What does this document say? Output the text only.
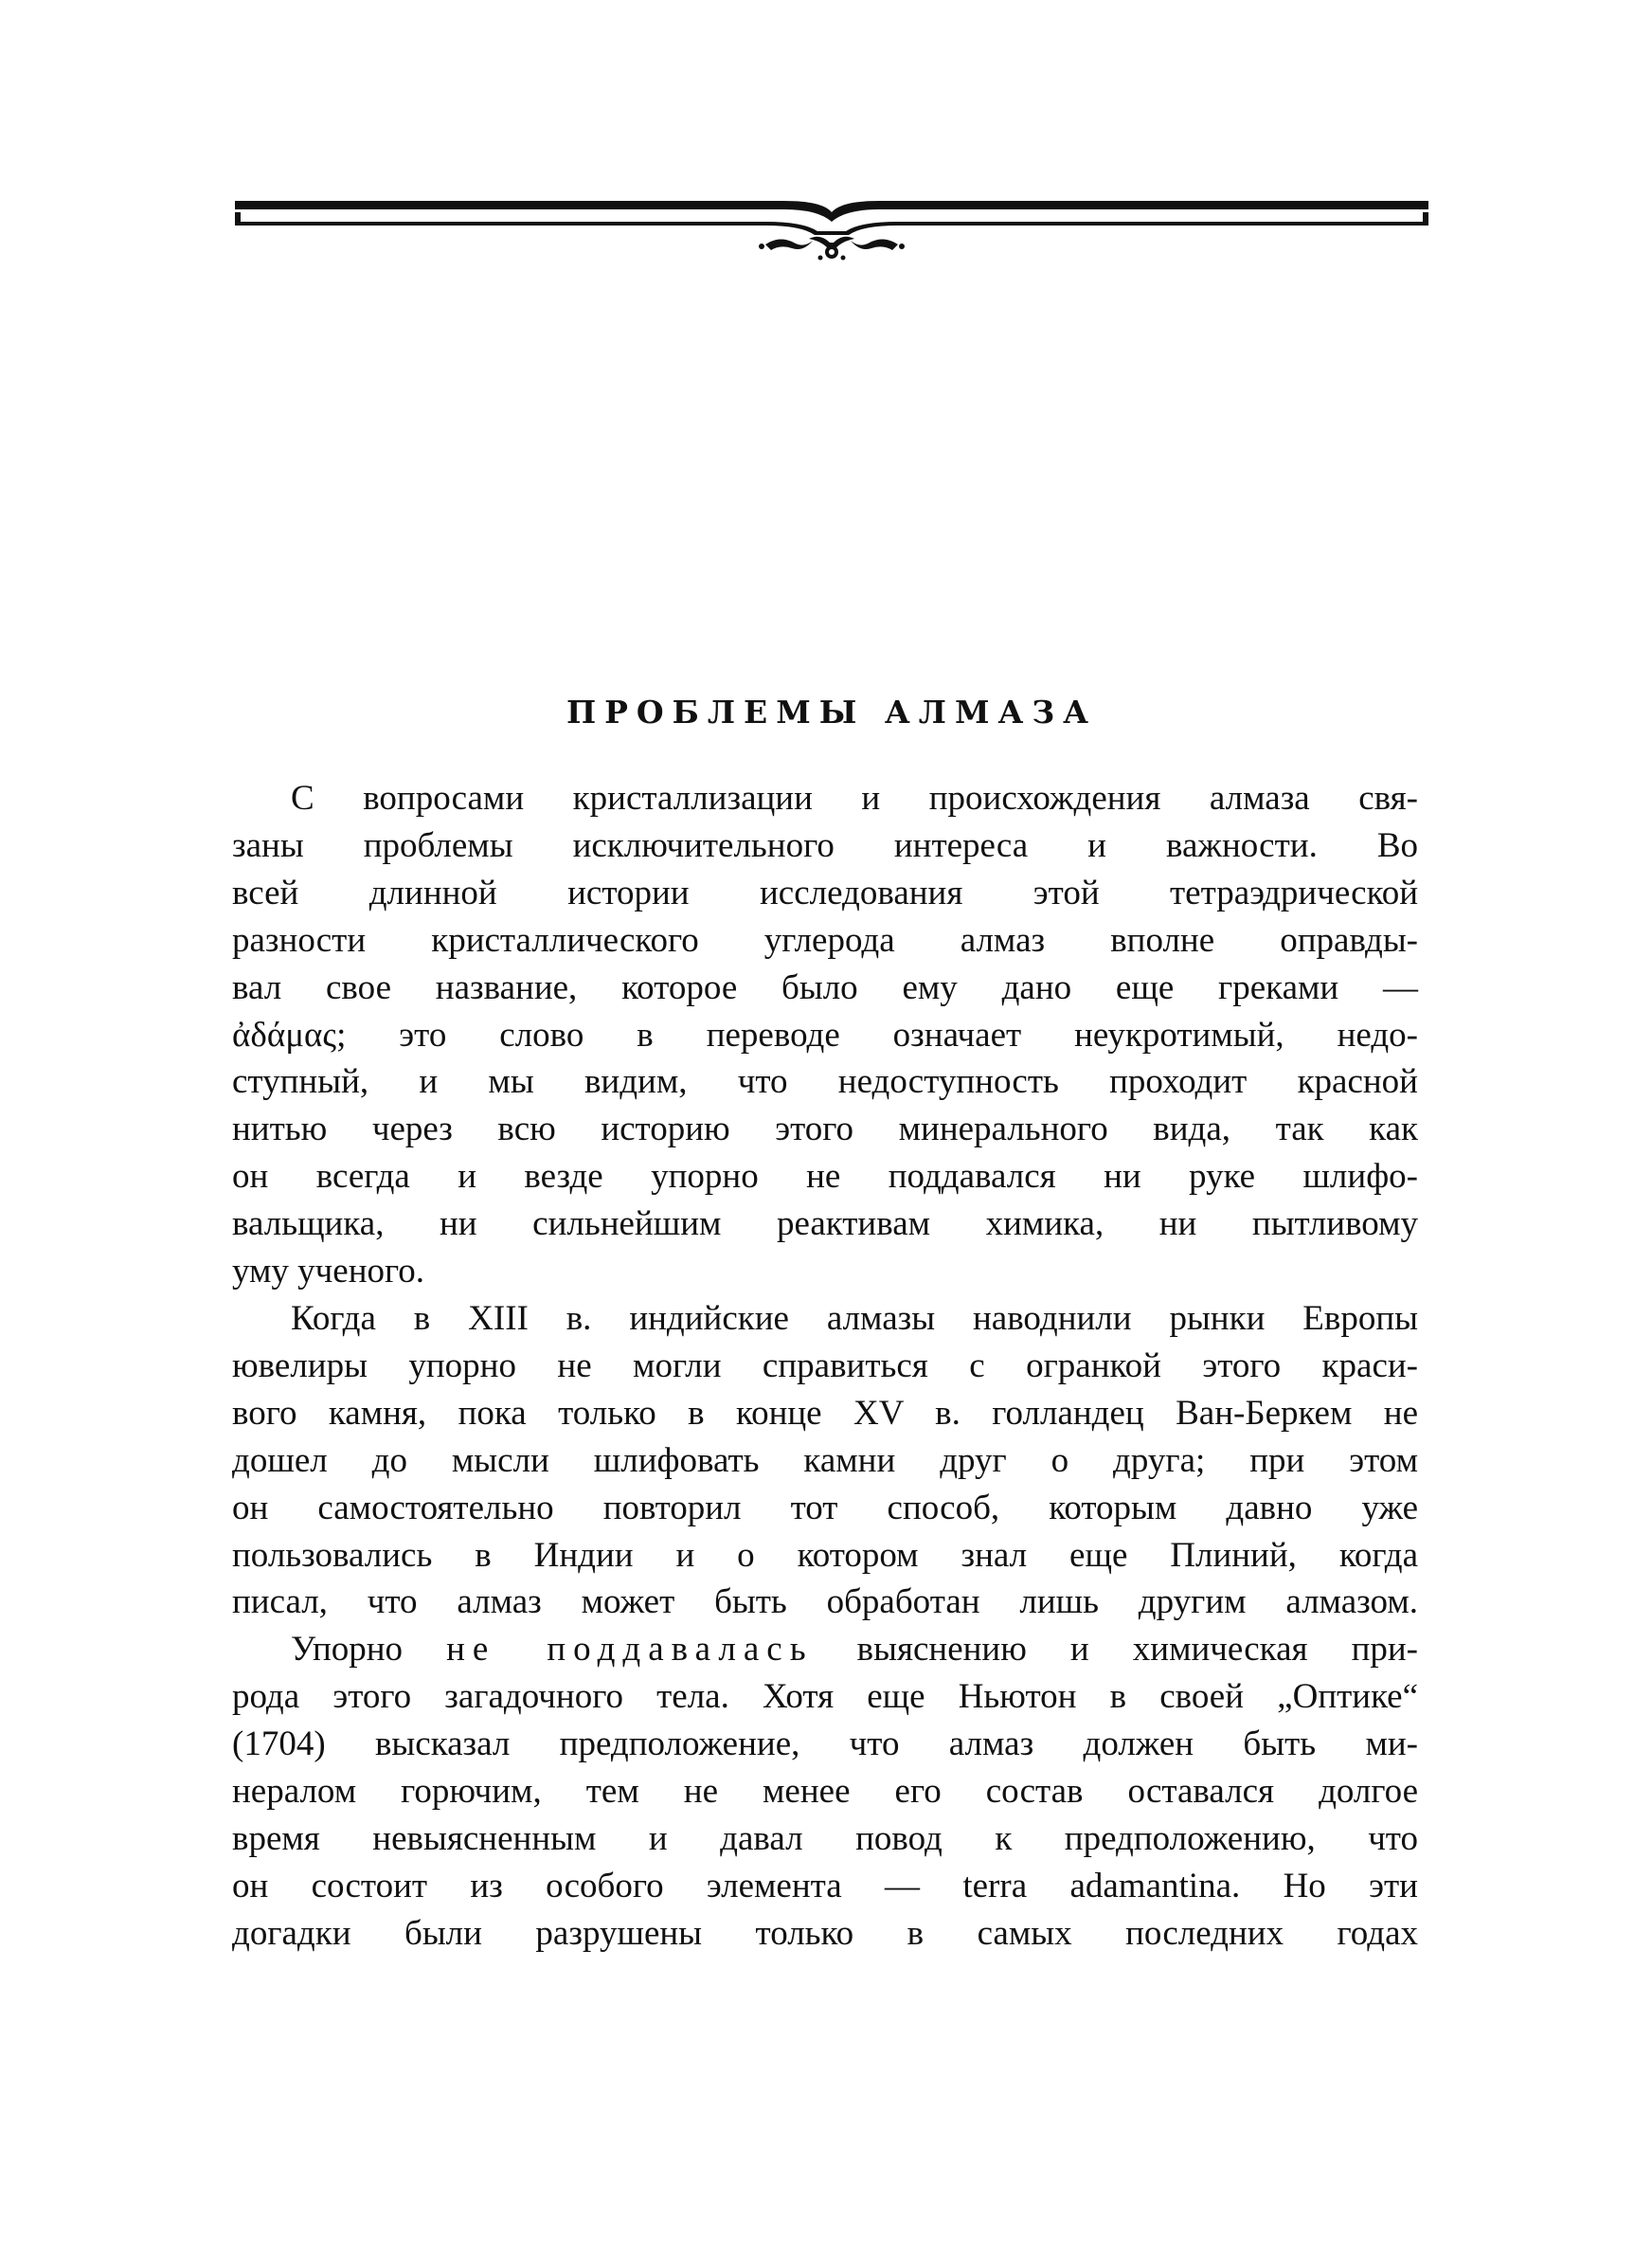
ПРОБЛЕМЫ АЛМАЗА

С вопросами кристаллизации и происхождения алмаза свя-
заны проблемы исключительного интереса и важности. Во
всей длинной истории исследования этой тетраэдрической
разности кристаллического углерода алмаз вполне оправды-
вал свое название, которое было ему дано еще греками —
ἀδάμας; это слово в переводе означает неукротимый, недо-
ступный, и мы видим, что недоступность проходит красной
нитью через всю историю этого минерального вида, так как
он всегда и везде упорно не поддавался ни руке шлифо-
вальщика, ни сильнейшим реактивам химика, ни пытливому
уму ученого.

Когда в XIII в. индийские алмазы наводнили рынки Европы
ювелиры упорно не могли справиться с огранкой этого краси-
вого камня, пока только в конце XV в. голландец Ван-Беркем не
дошел до мысли шлифовать камни друг о друга; при этом
он самостоятельно повторил тот способ, которым давно уже
пользовались в Индии и о котором знал еще Плиний, когда
писал, что алмаз может быть обработан лишь другим алмазом.

Упорно не поддавалась выяснению и химическая при-
рода этого загадочного тела. Хотя еще Ньютон в своей „Оптике“
(1704) высказал предположение, что алмаз должен быть ми-
нералом горючим, тем не менее его состав оставался долгое
время невыясненным и давал повод к предположению, что
он состоит из особого элемента — terra adamantina. Но эти
догадки были разрушены только в самых последних годах
